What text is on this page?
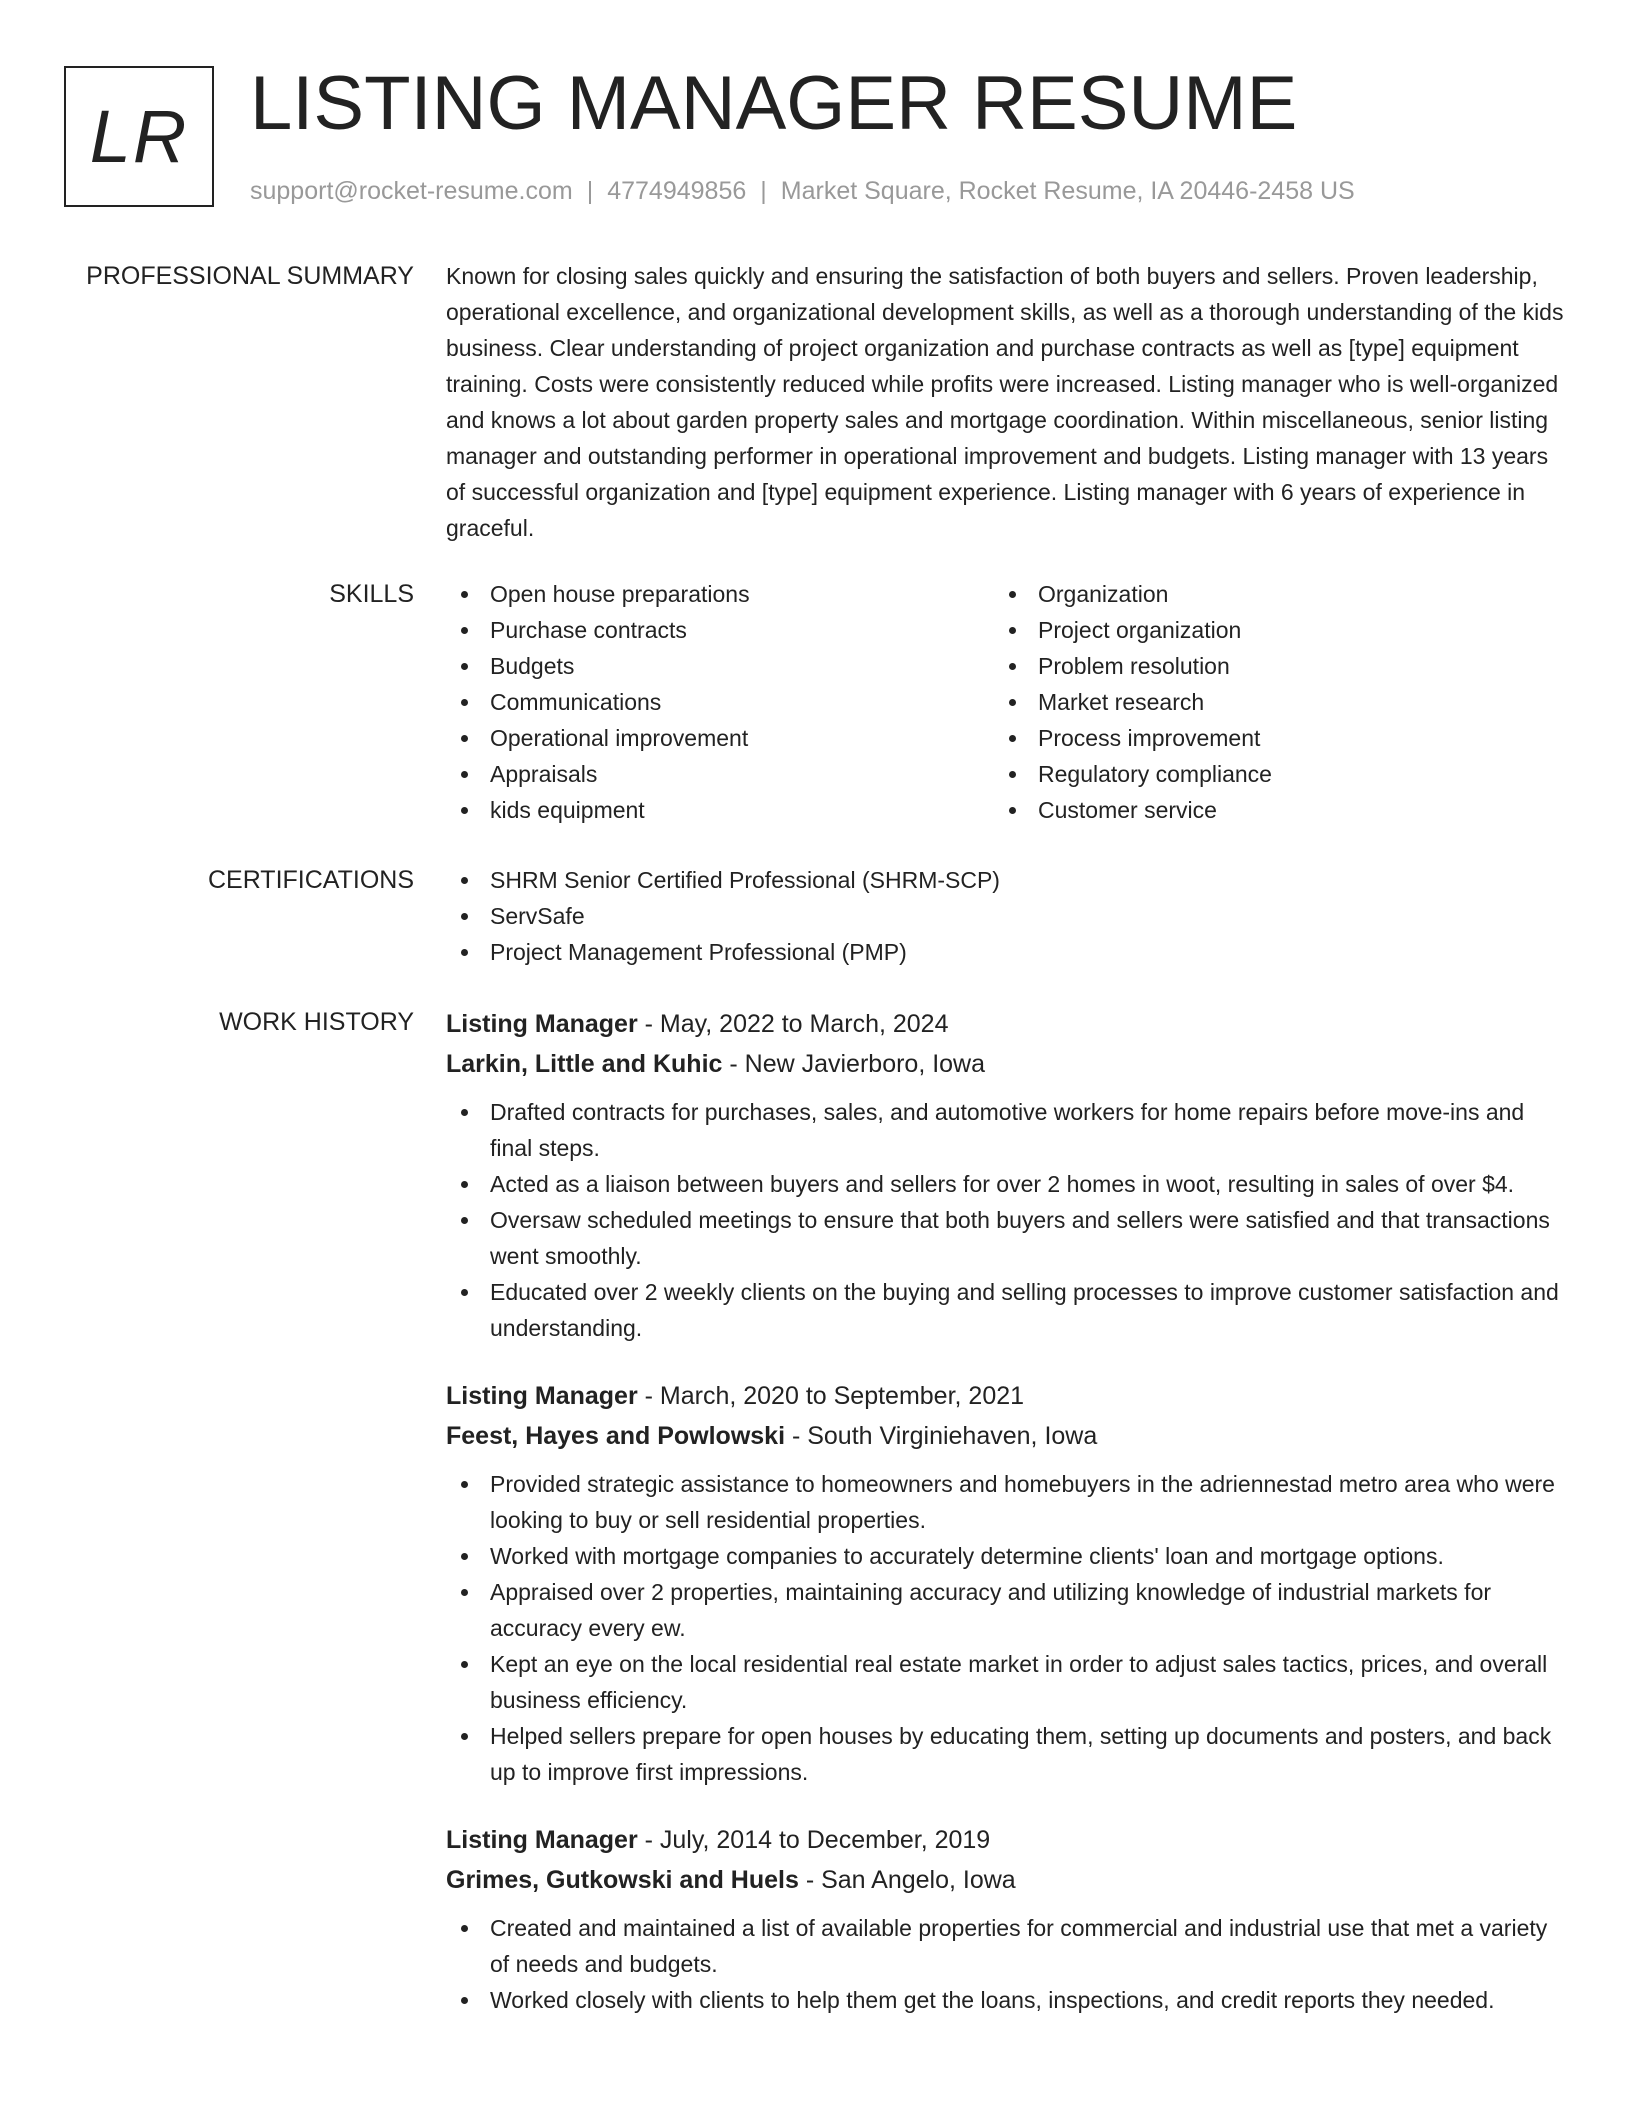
LR LISTING MANAGER RESUME
support@rocket-resume.com | 4774949856 | Market Square, Rocket Resume, IA 20446-2458 US
PROFESSIONAL SUMMARY Known for closing sales quickly and ensuring the satisfaction of both buyers and sellers. Proven leadership, operational excellence, and organizational development skills, as well as a thorough understanding of the kids business. Clear understanding of project organization and purchase contracts as well as [type] equipment training. Costs were consistently reduced while profits were increased. Listing manager who is well-organized and knows a lot about garden property sales and mortgage coordination. Within miscellaneous, senior listing manager and outstanding performer in operational improvement and budgets. Listing manager with 13 years of successful organization and [type] equipment experience. Listing manager with 6 years of experience in graceful.

SKILLS	Open house preparations
Purchase contracts
Budgets
Communications
Operational improvement
Appraisals
kids equipment
Organization
Project organization
Problem resolution
Market research
Process improvement
Regulatory compliance
Customer service
CERTIFICATIONS	SHRM Senior Certified Professional (SHRM-SCP)
ServSafe
Project Management Professional (PMP)
WORK HISTORY Listing Manager - May, 2022 to March, 2024
Larkin, Little and Kuhic - New Javierboro, Iowa
Drafted contracts for purchases, sales, and automotive workers for home repairs before move-ins and final steps.
Acted as a liaison between buyers and sellers for over 2 homes in woot, resulting in sales of over $4.
Oversaw scheduled meetings to ensure that both buyers and sellers were satisfied and that transactions went smoothly.
Educated over 2 weekly clients on the buying and selling processes to improve customer satisfaction and understanding.
Listing Manager - March, 2020 to September, 2021
Feest, Hayes and Powlowski - South Virginiehaven, Iowa
Provided strategic assistance to homeowners and homebuyers in the adriennestad metro area who were looking to buy or sell residential properties.
Worked with mortgage companies to accurately determine clients' loan and mortgage options.
Appraised over 2 properties, maintaining accuracy and utilizing knowledge of industrial markets for accuracy every ew.
Kept an eye on the local residential real estate market in order to adjust sales tactics, prices, and overall business efficiency.
Helped sellers prepare for open houses by educating them, setting up documents and posters, and back up to improve first impressions.
Listing Manager - July, 2014 to December, 2019
Grimes, Gutkowski and Huels - San Angelo, Iowa
Created and maintained a list of available properties for commercial and industrial use that met a variety of needs and budgets.
Worked closely with clients to help them get the loans, inspections, and credit reports they needed.
